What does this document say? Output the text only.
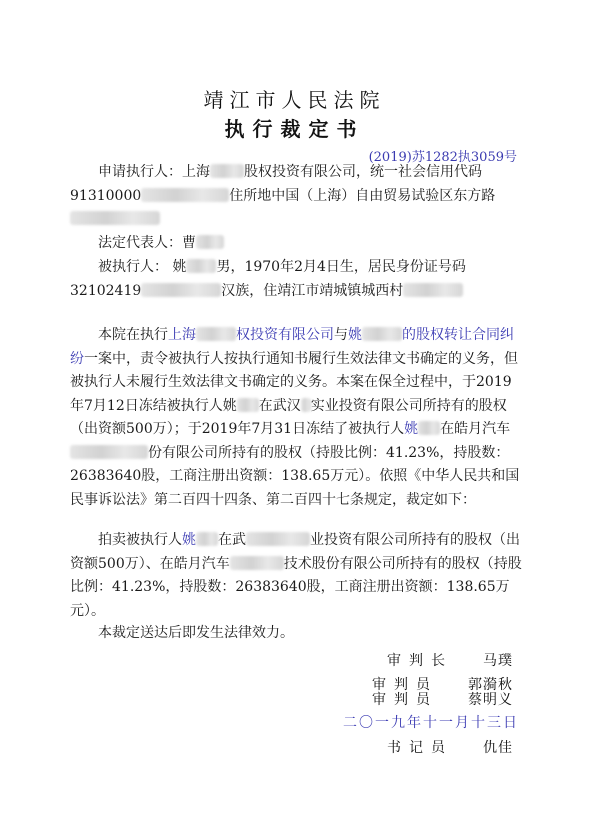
靖江市人民法院
执行裁定书
(2019)苏1282执3059号

申请执行人：上海 股权投资有限公司，统一社会信用代码91310000	住所地中国（上海）自由贸易试验区东方路

法定代表人：曹

被执行人： 姚 男，1970年2月4日生，居民身份证号码32102419	汉族，住靖江市靖城镇城西村

本院在执行上海	权投资有限公司与姚	的股权转让合同纠纷一案中，责令被执行人按执行通知书履行生效法律文书确定的义务，但被执行人未履行生效法律文书确定的义务。本案在保全过程中，于2019年7月12日冻结被执行人姚 在武汉 实业投资有限公司所持有的股权（出资额500万）；于2019年7月31日冻结了被执行人姚 在皓月汽车份有限公司所持有的股权（持股比例：41.23%，持股数：26383640股，工商注册出资额：138.65万元）。依照《中华人民共和国民事诉讼法》第二百四十四条、第二百四十七条规定，裁定如下：

拍卖被执行人姚 在武	业投资有限公司所持有的股权（出资额500万）、在皓月汽车	技术股份有限公司所持有的股权（持股比例：41.23%，持股数：26383640股，工商注册出资额：138.65万元）。

本裁定送达后即发生法律效力。

审判长 马璞
审判员 郭漪秋
审判员 蔡明义
二〇一九年十一月十三日
书记员 仇佳
